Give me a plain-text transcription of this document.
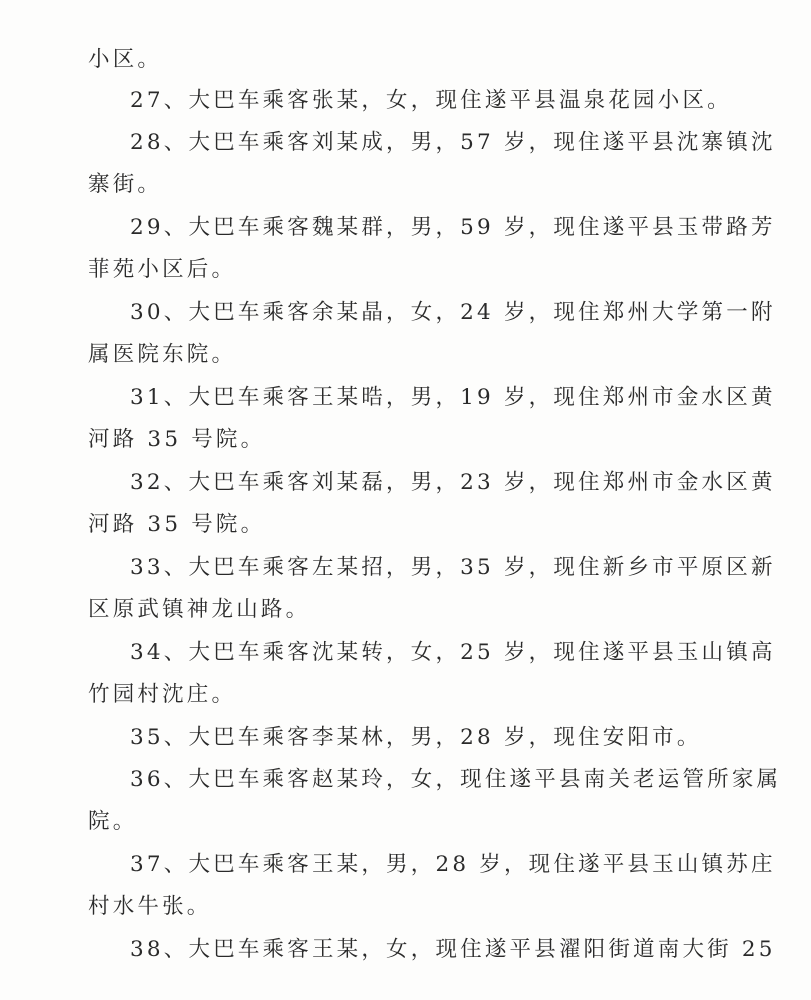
小区。
27、大巴车乘客张某，女，现住遂平县温泉花园小区。
28、大巴车乘客刘某成，男，57 岁，现住遂平县沈寨镇沈
寨街。
29、大巴车乘客魏某群，男，59 岁，现住遂平县玉带路芳
菲苑小区后。
30、大巴车乘客余某晶，女，24 岁，现住郑州大学第一附
属医院东院。
31、大巴车乘客王某晧，男，19 岁，现住郑州市金水区黄
河路 35 号院。
32、大巴车乘客刘某磊，男，23 岁，现住郑州市金水区黄
河路 35 号院。
33、大巴车乘客左某招，男，35 岁，现住新乡市平原区新
区原武镇神龙山路。
34、大巴车乘客沈某转，女，25 岁，现住遂平县玉山镇高
竹园村沈庄。
35、大巴车乘客李某林，男，28 岁，现住安阳市。
36、大巴车乘客赵某玲，女，现住遂平县南关老运管所家属
院。
37、大巴车乘客王某，男，28 岁，现住遂平县玉山镇苏庄
村水牛张。
38、大巴车乘客王某，女，现住遂平县濯阳街道南大街 25
